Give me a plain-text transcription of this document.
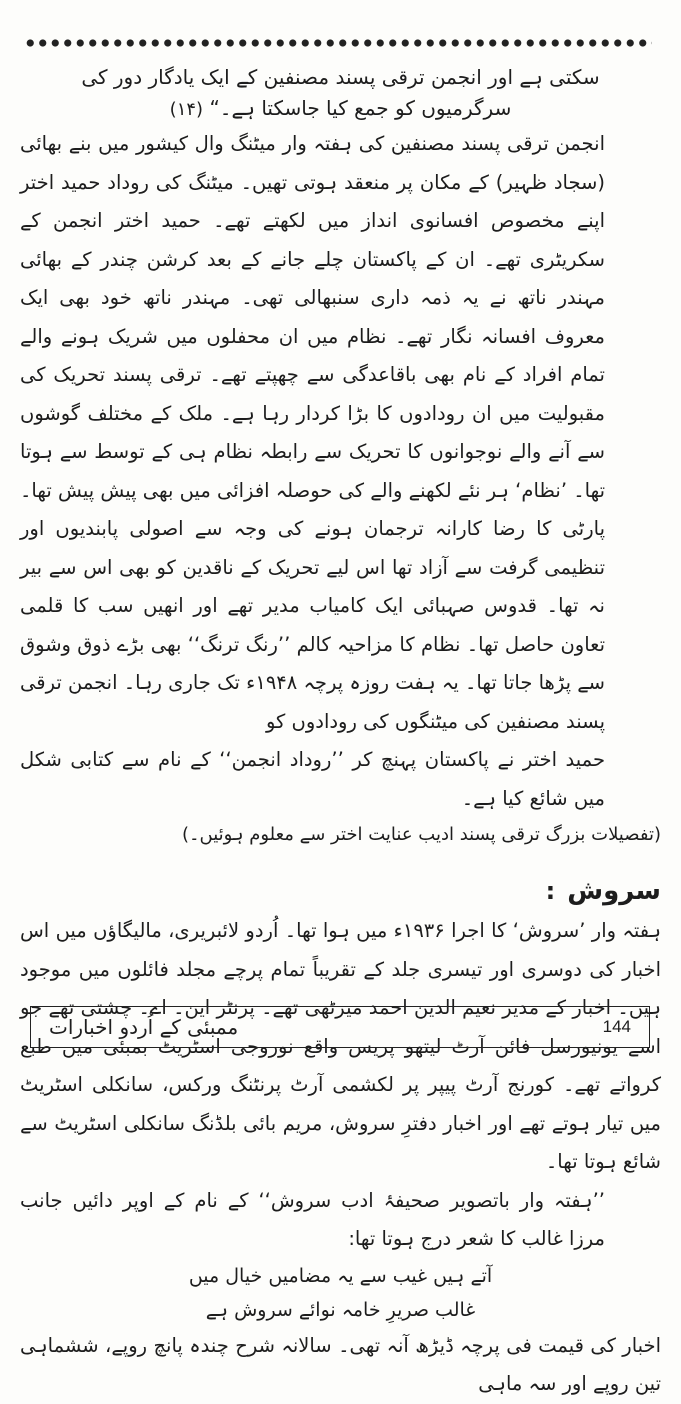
سکتی ہے اور انجمن ترقی پسند مصنفین کے ایک یادگار دور کی
سرگرمیوں کو جمع کیا جاسکتا ہے۔“ (۱۴)

انجمن ترقی پسند مصنفین کی ہفتہ وار میٹنگ وال کیشور میں بنے بھائی (سجاد ظہیر) کے مکان پر منعقد ہوتی تھیں۔ میٹنگ کی روداد حمید اختر اپنے مخصوص افسانوی انداز میں لکھتے تھے۔ حمید اختر انجمن کے سکریٹری تھے۔ ان کے پاکستان چلے جانے کے بعد کرشن چندر کے بھائی مہندر ناتھ نے یہ ذمہ داری سنبھالی تھی۔ مہندر ناتھ خود بھی ایک معروف افسانہ نگار تھے۔ نظام میں ان محفلوں میں شریک ہونے والے تمام افراد کے نام بھی باقاعدگی سے چھپتے تھے۔ ترقی پسند تحریک کی مقبولیت میں ان رودادوں کا بڑا کردار رہا ہے۔ ملک کے مختلف گوشوں سے آنے والے نوجوانوں کا تحریک سے رابطہ نظام ہی کے توسط سے ہوتا تھا۔ ’نظام‘ ہر نئے لکھنے والے کی حوصلہ افزائی میں بھی پیش پیش تھا۔ پارٹی کا رضا کارانہ ترجمان ہونے کی وجہ سے اصولی پابندیوں اور تنظیمی گرفت سے آزاد تھا اس لیے تحریک کے ناقدین کو بھی اس سے بیر نہ تھا۔ قدوس صہبائی ایک کامیاب مدیر تھے اور انھیں سب کا قلمی تعاون حاصل تھا۔ نظام کا مزاحیہ کالم ’’رنگ ترنگ‘‘ بھی بڑے ذوق وشوق سے پڑھا جاتا تھا۔ یہ ہفت روزہ پرچہ ۱۹۴۸ء تک جاری رہا۔ انجمن ترقی پسند مصنفین کی میٹنگوں کی رودادوں کو

حمید اختر نے پاکستان پہنچ کر ’’روداد انجمن‘‘ کے نام سے کتابی شکل میں شائع کیا ہے۔

(تفصیلات بزرگ ترقی پسند ادیب عنایت اختر سے معلوم ہوئیں۔)

: سروش

ہفتہ وار ’سروش‘ کا اجرا ۱۹۳۶ء میں ہوا تھا۔ اُردو لائبریری، مالیگاؤں میں اس اخبار کی دوسری اور تیسری جلد کے تقریباً تمام پرچے مجلد فائلوں میں موجود ہیں۔ اخبار کے مدیر نعیم الدین احمد میرٹھی تھے۔ پرنٹر این۔ اے۔ چشتی تھے جو اسے یونیورسل فائن آرٹ لیتھو پریس واقع نوروجی اسٹریٹ بمبئی میں طبع کرواتے تھے۔ کورنج آرٹ پیپر پر لکشمی آرٹ پرنٹنگ ورکس، سانکلی اسٹریٹ میں تیار ہوتے تھے اور اخبار دفترِ سروش، مریم بائی بلڈنگ سانکلی اسٹریٹ سے شائع ہوتا تھا۔

’’ہفتہ وار باتصویر صحیفۂ ادب سروش‘‘ کے نام کے اوپر دائیں جانب مرزا غالب کا شعر درج ہوتا تھا:

آتے ہیں غیب سے یہ مضامیں خیال میں
غالب صریرِ خامہ نوائے سروش ہے

اخبار کی قیمت فی پرچہ ڈیڑھ آنہ تھی۔ سالانہ شرح چندہ پانچ روپے، ششماہی تین روپے اور سہ ماہی

ممبئی کے اُردو اخبارات	144
